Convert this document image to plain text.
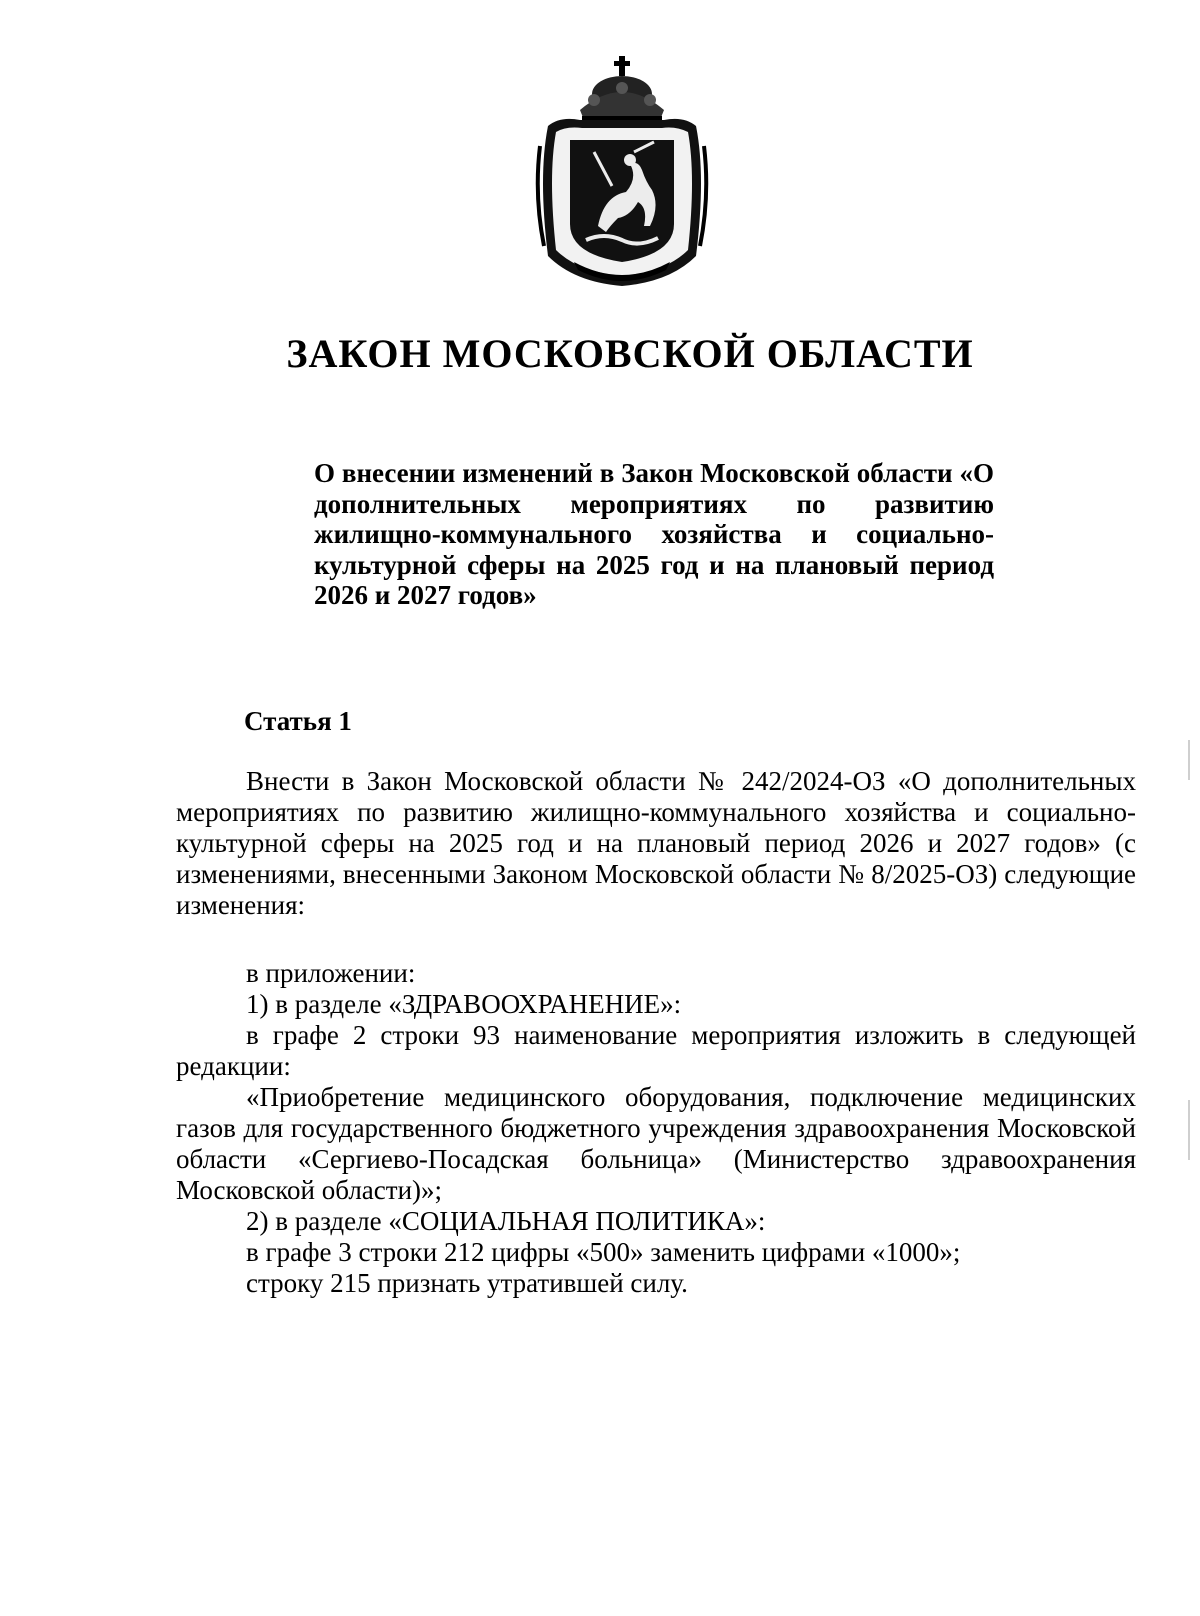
ЗАКОН МОСКОВСКОЙ ОБЛАСТИ

О внесении изменений в Закон Московской области «О дополнительных мероприятиях по развитию жилищно-коммунального хозяйства и социально-культурной сферы на 2025 год и на плановый период 2026 и 2027 годов»

Статья 1

Внести в Закон Московской области № 242/2024-ОЗ «О дополнительных мероприятиях по развитию жилищно-коммунального хозяйства и социально-культурной сферы на 2025 год и на плановый период 2026 и 2027 годов» (с изменениями, внесенными Законом Московской области № 8/2025-ОЗ) следующие изменения:

в приложении:

1) в разделе «ЗДРАВООХРАНЕНИЕ»:

в графе 2 строки 93 наименование мероприятия изложить в следующей редакции:

«Приобретение медицинского оборудования, подключение медицинских газов для государственного бюджетного учреждения здравоохранения Московской области «Сергиево-Посадская больница» (Министерство здравоохранения Московской области)»;

2) в разделе «СОЦИАЛЬНАЯ ПОЛИТИКА»:

в графе 3 строки 212 цифры «500» заменить цифрами «1000»;

строку 215 признать утратившей силу.
